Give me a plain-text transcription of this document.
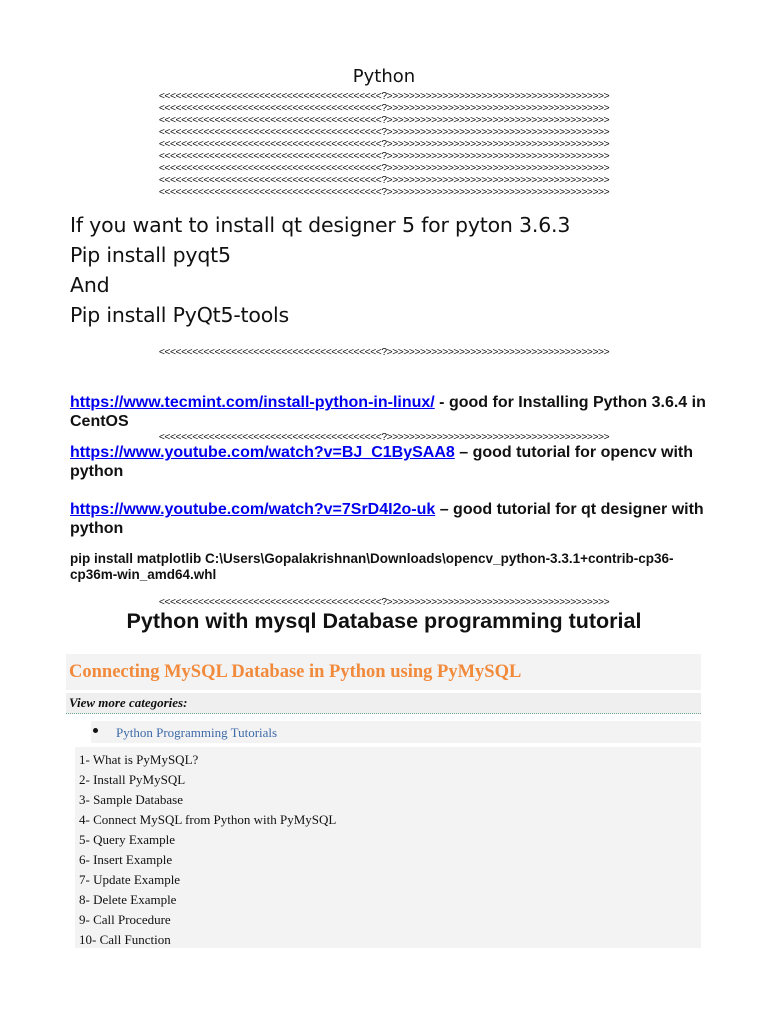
Python
<<<<<<<<<<<<<<<<<<<<<<<<<<<<<<<<<<<<<<<<?>>>>>>>>>>>>>>>>>>>>>>>>>>>>>>>>>>>>>>>>
<<<<<<<<<<<<<<<<<<<<<<<<<<<<<<<<<<<<<<<<?>>>>>>>>>>>>>>>>>>>>>>>>>>>>>>>>>>>>>>>>
<<<<<<<<<<<<<<<<<<<<<<<<<<<<<<<<<<<<<<<<?>>>>>>>>>>>>>>>>>>>>>>>>>>>>>>>>>>>>>>>>
<<<<<<<<<<<<<<<<<<<<<<<<<<<<<<<<<<<<<<<<?>>>>>>>>>>>>>>>>>>>>>>>>>>>>>>>>>>>>>>>>
<<<<<<<<<<<<<<<<<<<<<<<<<<<<<<<<<<<<<<<<?>>>>>>>>>>>>>>>>>>>>>>>>>>>>>>>>>>>>>>>>
<<<<<<<<<<<<<<<<<<<<<<<<<<<<<<<<<<<<<<<<?>>>>>>>>>>>>>>>>>>>>>>>>>>>>>>>>>>>>>>>>
<<<<<<<<<<<<<<<<<<<<<<<<<<<<<<<<<<<<<<<<?>>>>>>>>>>>>>>>>>>>>>>>>>>>>>>>>>>>>>>>>
<<<<<<<<<<<<<<<<<<<<<<<<<<<<<<<<<<<<<<<<?>>>>>>>>>>>>>>>>>>>>>>>>>>>>>>>>>>>>>>>>
<<<<<<<<<<<<<<<<<<<<<<<<<<<<<<<<<<<<<<<<?>>>>>>>>>>>>>>>>>>>>>>>>>>>>>>>>>>>>>>>>
If you want to install qt designer 5 for pyton 3.6.3
Pip install pyqt5
And
Pip install PyQt5-tools
<<<<<<<<<<<<<<<<<<<<<<<<<<<<<<<<<<<<<<<<?>>>>>>>>>>>>>>>>>>>>>>>>>>>>>>>>>>>>>>>>
https://www.tecmint.com/install-python-in-linux/ - good for Installing Python 3.6.4 in CentOS
<<<<<<<<<<<<<<<<<<<<<<<<<<<<<<<<<<<<<<<<?>>>>>>>>>>>>>>>>>>>>>>>>>>>>>>>>>>>>>>>>
https://www.youtube.com/watch?v=BJ_C1BySAA8 – good tutorial for opencv with python
https://www.youtube.com/watch?v=7SrD4I2o-uk – good tutorial for qt designer with python
pip install matplotlib C:\Users\Gopalakrishnan\Downloads\opencv_python-3.3.1+contrib-cp36-cp36m-win_amd64.whl
<<<<<<<<<<<<<<<<<<<<<<<<<<<<<<<<<<<<<<<<?>>>>>>>>>>>>>>>>>>>>>>>>>>>>>>>>>>>>>>>>
Python with mysql Database programming tutorial
Connecting MySQL Database in Python using PyMySQL
View more categories:
Python Programming Tutorials
1- What is PyMySQL?
2- Install PyMySQL
3- Sample Database
4- Connect MySQL from Python with PyMySQL
5- Query Example
6- Insert Example
7- Update Example
8- Delete Example
9- Call Procedure
10- Call Function
